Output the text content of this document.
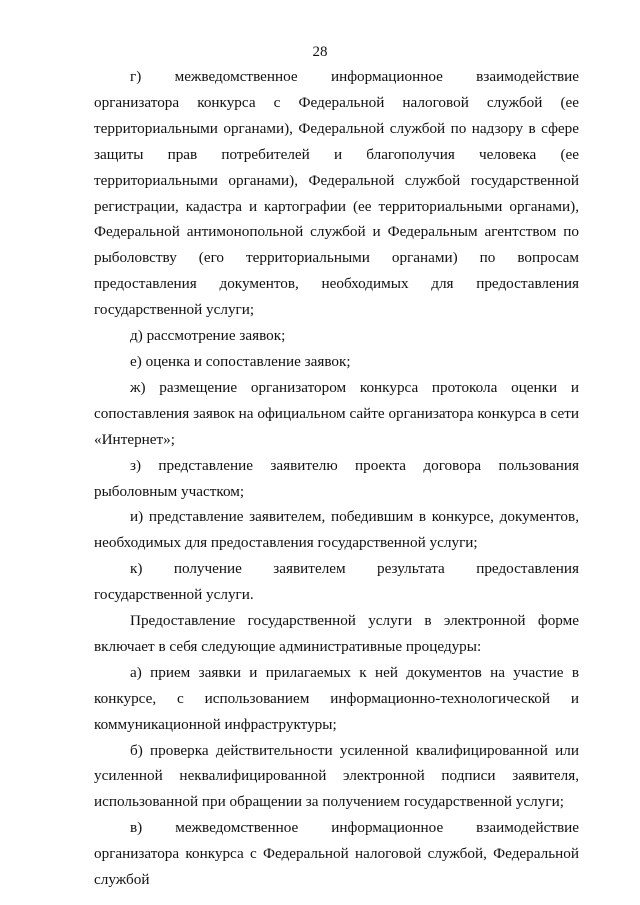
28

г) межведомственное информационное взаимодействие организатора конкурса с Федеральной налоговой службой (ее территориальными органами), Федеральной службой по надзору в сфере защиты прав потребителей и благополучия человека (ее территориальными органами), Федеральной службой государственной регистрации, кадастра и картографии (ее территориальными органами), Федеральной антимонопольной службой и Федеральным агентством по рыболовству (его территориальными органами) по вопросам предоставления документов, необходимых для предоставления государственной услуги;

д) рассмотрение заявок;

е) оценка и сопоставление заявок;

ж) размещение организатором конкурса протокола оценки и сопоставления заявок на официальном сайте организатора конкурса в сети «Интернет»;

з) представление заявителю проекта договора пользования рыболовным участком;

и) представление заявителем, победившим в конкурсе, документов, необходимых для предоставления государственной услуги;

к) получение заявителем результата предоставления государственной услуги.

Предоставление государственной услуги в электронной форме включает в себя следующие административные процедуры:

а) прием заявки и прилагаемых к ней документов на участие в конкурсе, с использованием информационно-технологической и коммуникационной инфраструктуры;

б) проверка действительности усиленной квалифицированной или усиленной неквалифицированной электронной подписи заявителя, использованной при обращении за получением государственной услуги;

в) межведомственное информационное взаимодействие организатора конкурса с Федеральной налоговой службой, Федеральной службой
